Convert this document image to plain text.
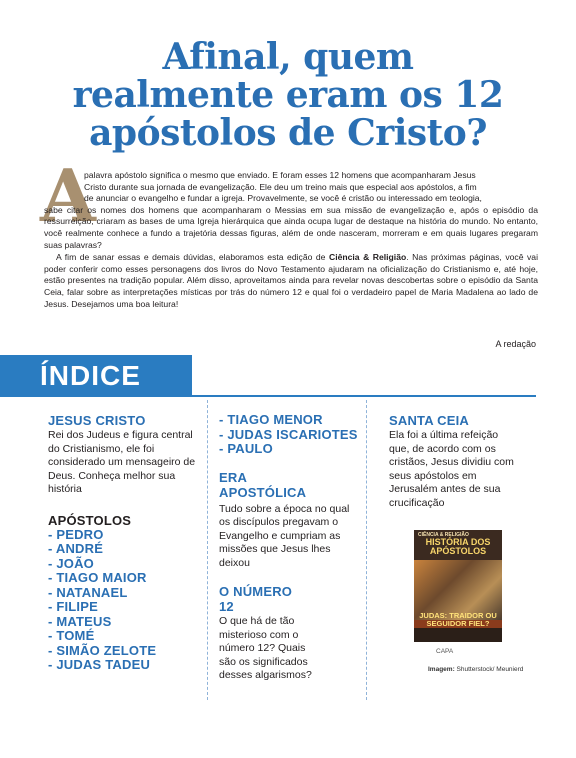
Afinal, quem
realmente eram os 12
apóstolos de Cristo?
A

palavra apóstolo significa o mesmo que enviado. E foram esses 12 homens que acompanharam Jesus
Cristo durante sua jornada de evangelização. Ele deu um treino mais que especial aos apóstolos, a fim
de anunciar o evangelho e fundar a igreja. Provavelmente, se você é cristão ou interessado em teologia,
sabe citar os nomes dos homens que acompanharam o Messias em sua missão de evangelização e, após o episódio da ressurreição, criaram as bases de uma Igreja hierárquica que ainda ocupa lugar de destaque na história do mundo. No entanto, você realmente conhece a fundo a trajetória dessas figuras, além de onde nasceram, morreram e em quais lugares pregaram suas palavras?

A fim de sanar essas e demais dúvidas, elaboramos esta edição de Ciência & Religião. Nas próximas páginas, você vai poder conferir como esses personagens dos livros do Novo Testamento ajudaram na oficialização do Cristianismo e, até hoje, estão presentes na tradição popular. Além disso, aproveitamos ainda para revelar novas descobertas sobre o episódio da Santa Ceia, falar sobre as interpretações místicas por trás do número 12 e qual foi o verdadeiro papel de Maria Madalena ao lado de Jesus. Desejamos uma boa leitura!

A redação
ÍNDICE
JESUS CRISTO
Rei dos Judeus e figura central do Cristianismo, ele foi considerado um mensageiro de Deus. Conheça melhor sua história
APÓSTOLOS
- PEDRO
- ANDRÉ
- JOÃO
- TIAGO MAIOR
- NATANAEL
- FILIPE
- MATEUS
- TOMÉ
- SIMÃO ZELOTE
- JUDAS TADEU
- TIAGO MENOR
- JUDAS ISCARIOTES
- PAULO
ERA
APOSTÓLICA
Tudo sobre a época no qual os discípulos pregavam o Evangelho e cumpriam as missões que Jesus lhes deixou
O NÚMERO
12
O que há de tão misterioso com o número 12? Quais são os significados desses algarismos?
SANTA CEIA
Ela foi a última refeição que, de acordo com os cristãos, Jesus dividiu com seus apóstolos em Jerusalém antes de sua crucificação
CIÊNCIA & RELIGIÃO
HISTÓRIA DOS APÓSTOLOS
JUDAS: TRAIDOR OU SEGUIDOR FIEL?
CAPA
Imagem: Shutterstock/ Meunierd
